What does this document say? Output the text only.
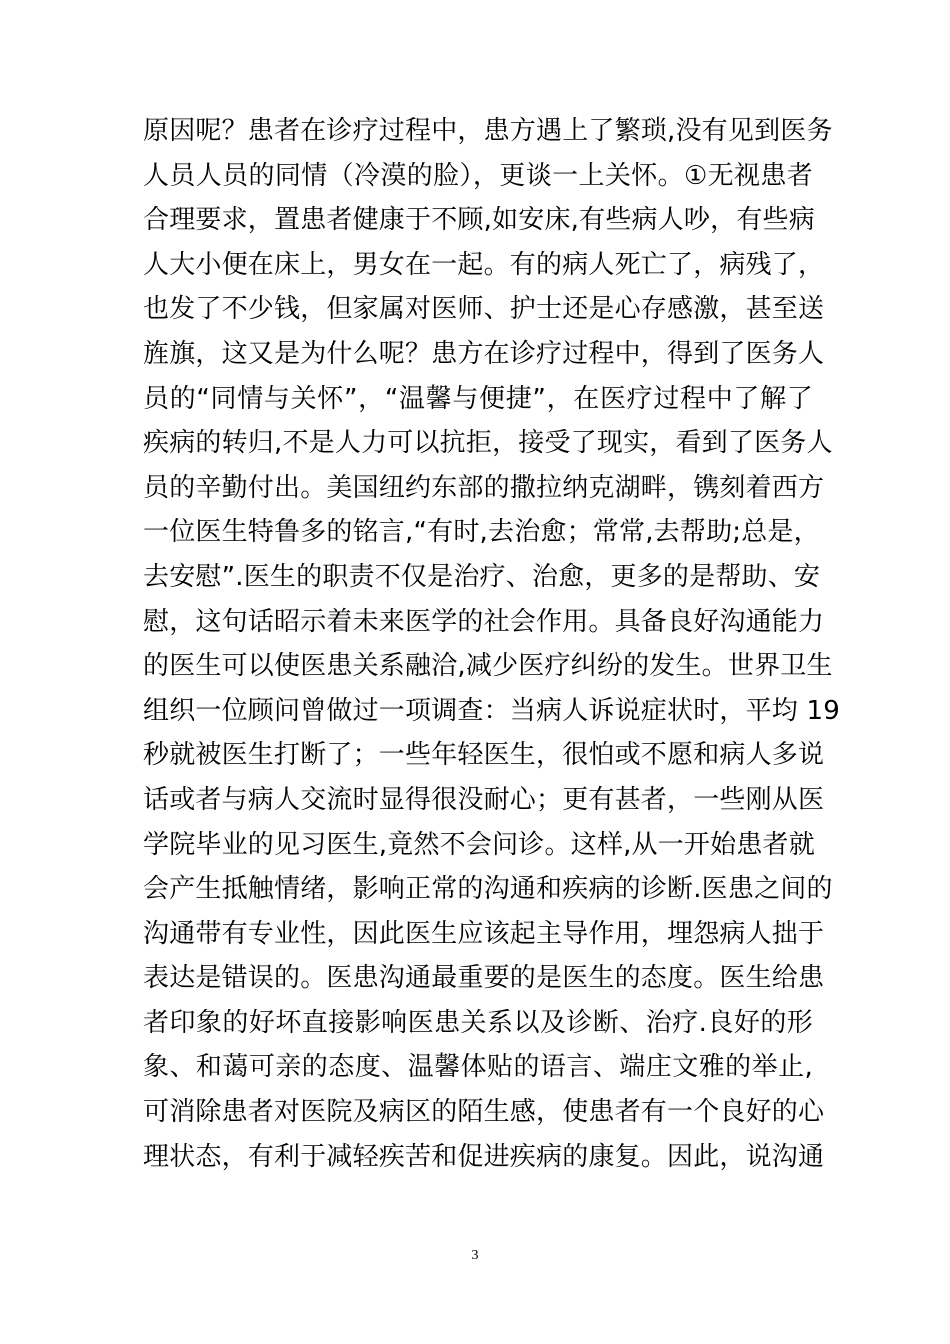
原因呢？患者在诊疗过程中，患方遇上了繁琐,没有见到医务
人员人员的同情（冷漠的脸），更谈一上关怀。①无视患者
合理要求，置患者健康于不顾,如安床,有些病人吵，有些病
人大小便在床上，男女在一起。有的病人死亡了，病残了，
也发了不少钱，但家属对医师、护士还是心存感激，甚至送
旌旗，这又是为什么呢？患方在诊疗过程中，得到了医务人
员的“同情与关怀”，“温馨与便捷”，在医疗过程中了解了
疾病的转归,不是人力可以抗拒，接受了现实，看到了医务人
员的辛勤付出。美国纽约东部的撒拉纳克湖畔，镌刻着西方
一位医生特鲁多的铭言,“有时,去治愈；常常,去帮助;总是，
去安慰”.医生的职责不仅是治疗、治愈，更多的是帮助、安
慰，这句话昭示着未来医学的社会作用。具备良好沟通能力
的医生可以使医患关系融洽,减少医疗纠纷的发生。世界卫生
组织一位顾问曾做过一项调查：当病人诉说症状时，平均 19
秒就被医生打断了；一些年轻医生，很怕或不愿和病人多说
话或者与病人交流时显得很没耐心；更有甚者，一些刚从医
学院毕业的见习医生,竟然不会问诊。这样,从一开始患者就
会产生抵触情绪，影响正常的沟通和疾病的诊断.医患之间的
沟通带有专业性，因此医生应该起主导作用，埋怨病人拙于
表达是错误的。医患沟通最重要的是医生的态度。医生给患
者印象的好坏直接影响医患关系以及诊断、治疗.良好的形
象、和蔼可亲的态度、温馨体贴的语言、端庄文雅的举止,
可消除患者对医院及病区的陌生感，使患者有一个良好的心
理状态，有利于减轻疾苦和促进疾病的康复。因此，说沟通
3
